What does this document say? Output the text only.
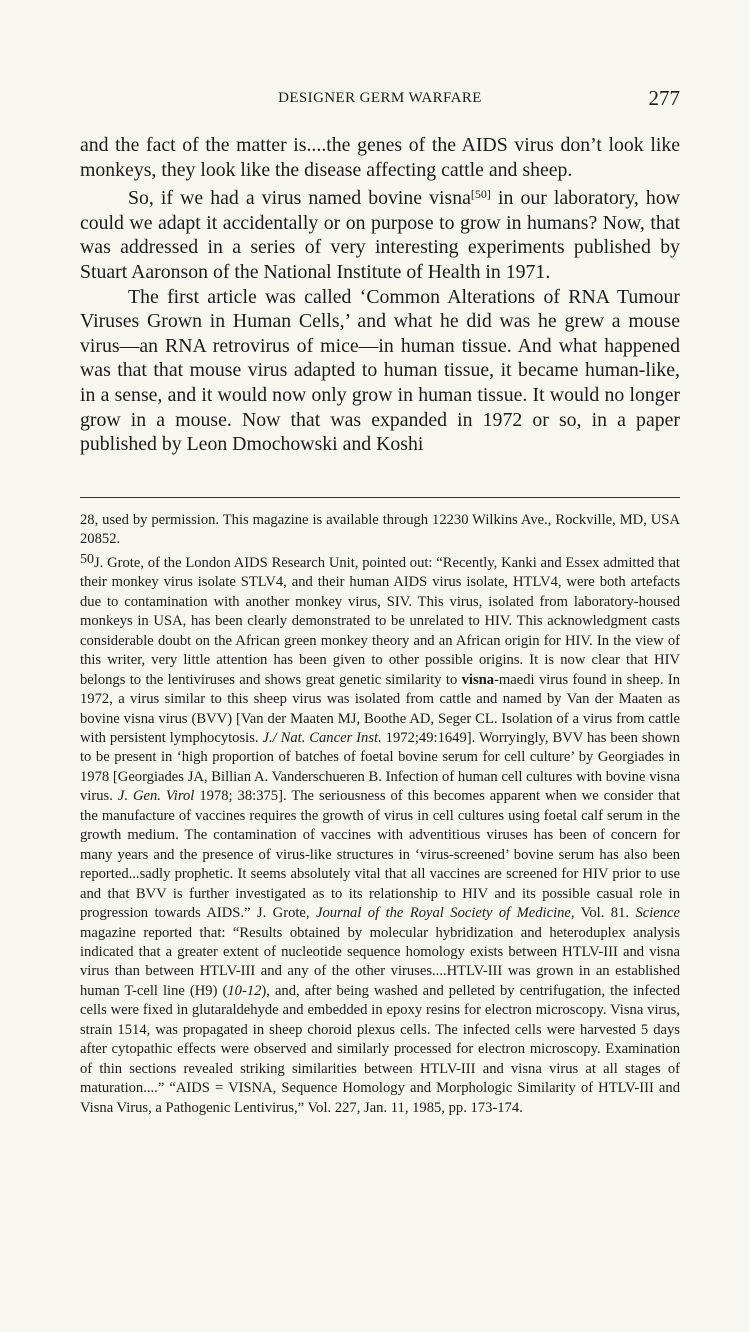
DESIGNER GERM WARFARE	277

and the fact of the matter is....the genes of the AIDS virus don’t look like monkeys, they look like the disease affecting cattle and sheep.

So, if we had a virus named bovine visna[50] in our laboratory, how could we adapt it accidentally or on purpose to grow in humans? Now, that was addressed in a series of very interesting experiments published by Stuart Aaronson of the National Institute of Health in 1971.

The first article was called ‘Common Alterations of RNA Tumour Viruses Grown in Human Cells,’ and what he did was he grew a mouse virus—an RNA retrovirus of mice—in human tissue. And what happened was that that mouse virus adapted to human tissue, it became human-like, in a sense, and it would now only grow in human tissue. It would no longer grow in a mouse. Now that was expanded in 1972 or so, in a paper published by Leon Dmochowski and Koshi

28, used by permission. This magazine is available through 12230 Wilkins Ave., Rockville, MD, USA 20852.

50J. Grote, of the London AIDS Research Unit, pointed out: “Recently, Kanki and Essex admitted that their monkey virus isolate STLV4, and their human AIDS virus isolate, HTLV4, were both artefacts due to contamination with another monkey virus, SIV. This virus, isolated from laboratory-housed monkeys in USA, has been clearly demonstrated to be unrelated to HIV. This acknowledgment casts considerable doubt on the African green monkey theory and an African origin for HIV. In the view of this writer, very little attention has been given to other possible origins. It is now clear that HIV belongs to the lentiviruses and shows great genetic similarity to visna-maedi virus found in sheep. In 1972, a virus similar to this sheep virus was isolated from cattle and named by Van der Maaten as bovine visna virus (BVV) [Van der Maaten MJ, Boothe AD, Seger CL. Isolation of a virus from cattle with persistent lymphocytosis. J./ Nat. Cancer Inst. 1972;49:1649]. Worryingly, BVV has been shown to be present in ‘high proportion of batches of foetal bovine serum for cell culture’ by Georgiades in 1978 [Georgiades JA, Billian A. Vanderschueren B. Infection of human cell cultures with bovine visna virus. J. Gen. Virol 1978; 38:375]. The seriousness of this becomes apparent when we consider that the manufacture of vaccines requires the growth of virus in cell cultures using foetal calf serum in the growth medium. The contamination of vaccines with adventitious viruses has been of concern for many years and the presence of virus-like structures in ‘virus-screened’ bovine serum has also been reported...sadly prophetic. It seems absolutely vital that all vaccines are screened for HIV prior to use and that BVV is further investigated as to its relationship to HIV and its possible casual role in progression towards AIDS.” J. Grote, Journal of the Royal Society of Medicine, Vol. 81. Science magazine reported that: “Results obtained by molecular hybridization and heteroduplex analysis indicated that a greater extent of nucleotide sequence homology exists between HTLV-III and visna virus than between HTLV-III and any of the other viruses....HTLV-III was grown in an established human T-cell line (H9) (10-12), and, after being washed and pelleted by centrifugation, the infected cells were fixed in glutaraldehyde and embedded in epoxy resins for electron microscopy. Visna virus, strain 1514, was propagated in sheep choroid plexus cells. The infected cells were harvested 5 days after cytopathic effects were observed and similarly processed for electron microscopy. Examination of thin sections revealed striking similarities between HTLV-III and visna virus at all stages of maturation....” “AIDS = VISNA, Sequence Homology and Morphologic Similarity of HTLV-III and Visna Virus, a Pathogenic Lentivirus,” Vol. 227, Jan. 11, 1985, pp. 173-174.
